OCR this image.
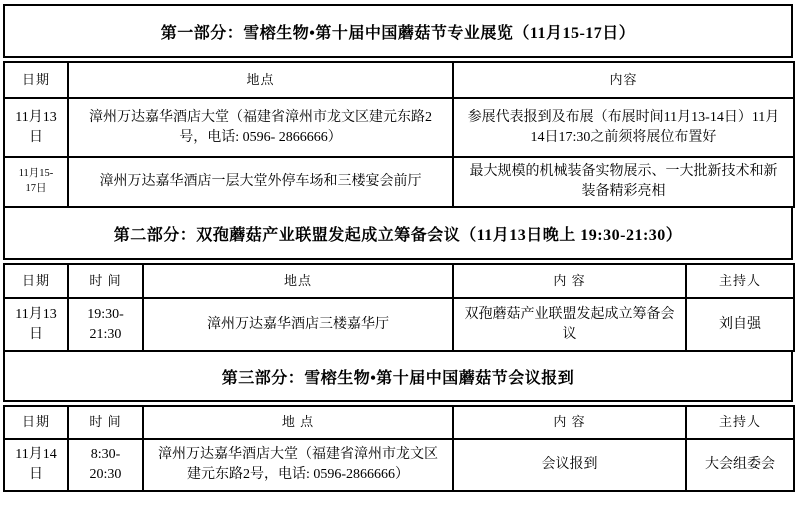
第一部分：雪榕生物•第十届中国蘑菇节专业展览（11月15-17日）
日期	地点	内容
11月13日	漳州万达嘉华酒店大堂（福建省漳州市龙文区建元东路2号，电话: 0596- 2866666）	参展代表报到及布展（布展时间11月13-14日）11月14日17:30之前须将展位布置好
11月15-17日	漳州万达嘉华酒店一层大堂外停车场和三楼宴会前厅	最大规模的机械装备实物展示、一大批新技术和新装备精彩亮相
第二部分：双孢蘑菇产业联盟发起成立筹备会议（11月13日晚上 19:30-21:30）
日期	时 间	地点	内 容	主持人
11月13日	19:30-21:30	漳州万达嘉华酒店三楼嘉华厅	双孢蘑菇产业联盟发起成立筹备会议	刘自强
第三部分：雪榕生物•第十届中国蘑菇节会议报到
日期	时 间	地 点	内 容	主持人
11月14日	8:30-20:30	漳州万达嘉华酒店大堂（福建省漳州市龙文区建元东路2号，电话: 0596-2866666）	会议报到	大会组委会
